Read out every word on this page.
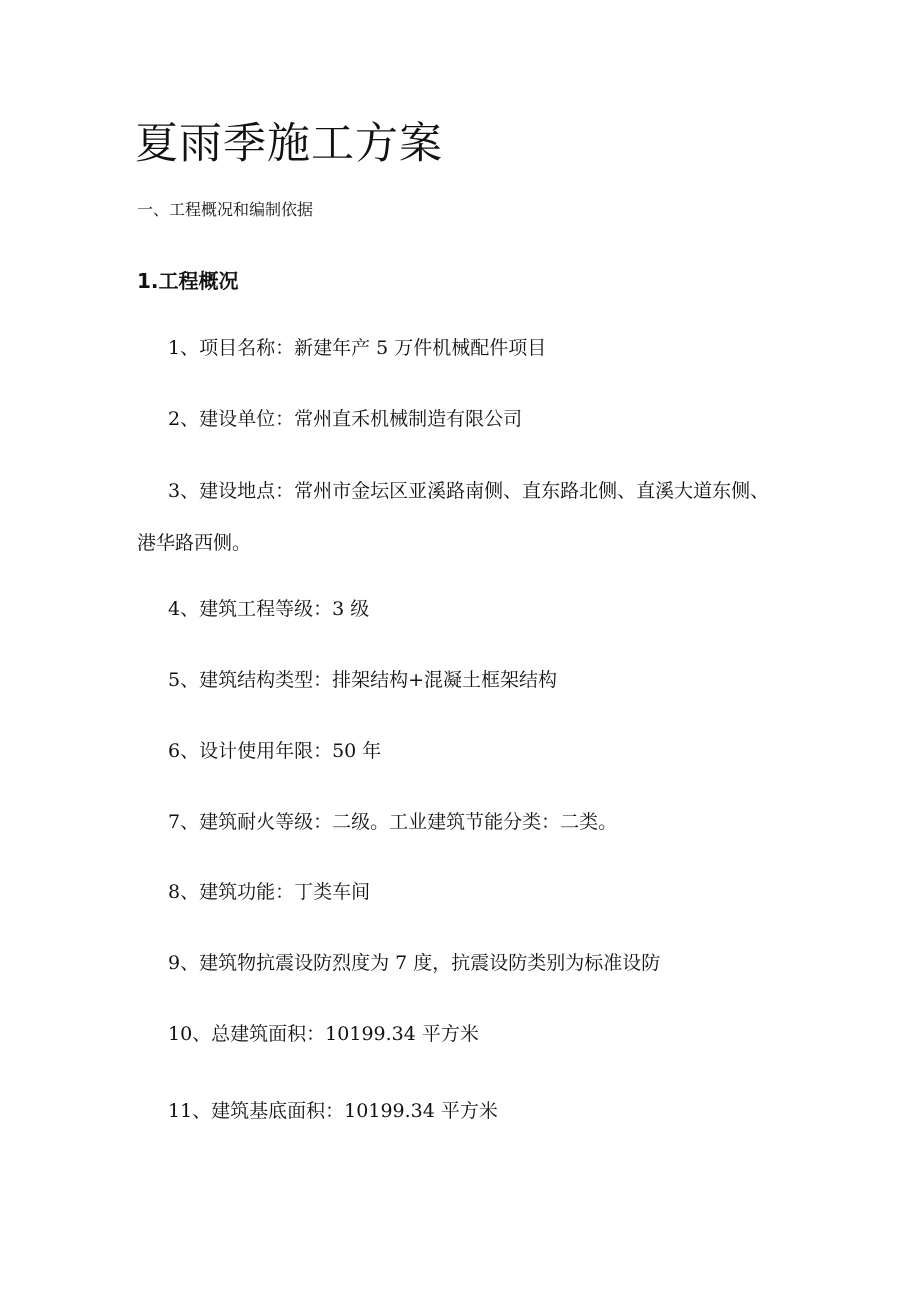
夏雨季施工方案
一、工程概况和编制依据
1.工程概况

1、项目名称：新建年产 5 万件机械配件项目

2、建设单位：常州直禾机械制造有限公司

3、建设地点：常州市金坛区亚溪路南侧、直东路北侧、直溪大道东侧、港华路西侧。

4、建筑工程等级：3 级

5、建筑结构类型：排架结构+混凝土框架结构

6、设计使用年限：50 年

7、建筑耐火等级：二级。工业建筑节能分类：二类。

8、建筑功能：丁类车间

9、建筑物抗震设防烈度为 7 度，抗震设防类别为标准设防

10、总建筑面积：10199.34 平方米

11、建筑基底面积：10199.34 平方米
